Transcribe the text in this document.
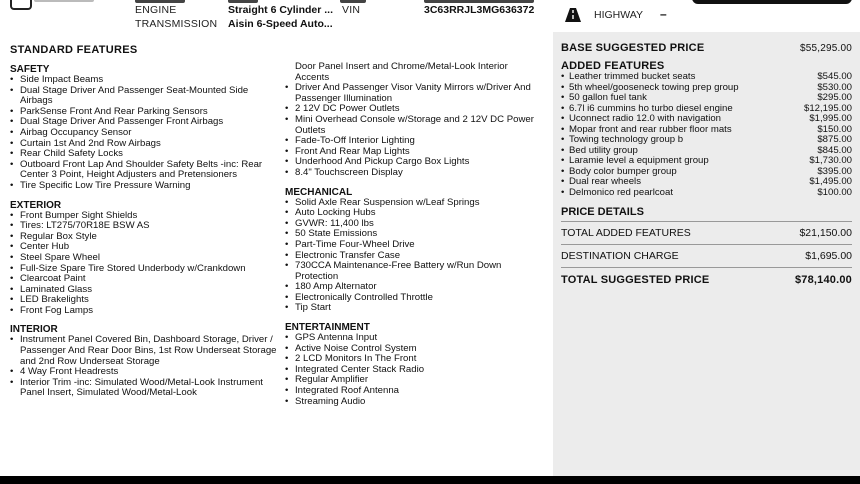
ENGINE	Straight 6 Cylinder ... VIN	3C63RRJL3MG636372
TRANSMISSION Aisin 6-Speed Auto...
HIGHWAY –
STANDARD FEATURES
SAFETY
• Side Impact Beams
• Dual Stage Driver And Passenger Seat-Mounted Side Airbags
• ParkSense Front And Rear Parking Sensors
• Dual Stage Driver And Passenger Front Airbags
• Airbag Occupancy Sensor
• Curtain 1st And 2nd Row Airbags
• Rear Child Safety Locks
• Outboard Front Lap And Shoulder Safety Belts -inc: Rear Center 3 Point, Height Adjusters and Pretensioners
• Tire Specific Low Tire Pressure Warning
EXTERIOR
• Front Bumper Sight Shields
• Tires: LT275/70R18E BSW AS
• Regular Box Style
• Center Hub
• Steel Spare Wheel
• Full-Size Spare Tire Stored Underbody w/Crankdown
• Clearcoat Paint
• Laminated Glass
• LED Brakelights
• Front Fog Lamps
INTERIOR
• Instrument Panel Covered Bin, Dashboard Storage, Driver / Passenger And Rear Door Bins, 1st Row Underseat Storage and 2nd Row Underseat Storage
• 4 Way Front Headrests
• Interior Trim -inc: Simulated Wood/Metal-Look Instrument Panel Insert, Simulated Wood/Metal-Look
Door Panel Insert and Chrome/Metal-Look Interior Accents
• Driver And Passenger Visor Vanity Mirrors w/Driver And Passenger Illumination
• 2 12V DC Power Outlets
• Mini Overhead Console w/Storage and 2 12V DC Power Outlets
• Fade-To-Off Interior Lighting
• Front And Rear Map Lights
• Underhood And Pickup Cargo Box Lights
• 8.4" Touchscreen Display
MECHANICAL
• Solid Axle Rear Suspension w/Leaf Springs
• Auto Locking Hubs
• GVWR: 11,400 lbs
• 50 State Emissions
• Part-Time Four-Wheel Drive
• Electronic Transfer Case
• 730CCA Maintenance-Free Battery w/Run Down Protection
• 180 Amp Alternator
• Electronically Controlled Throttle
• Tip Start
ENTERTAINMENT
• GPS Antenna Input
• Active Noise Control System
• 2 LCD Monitors In The Front
• Integrated Center Stack Radio
• Regular Amplifier
• Integrated Roof Antenna
• Streaming Audio
BASE SUGGESTED PRICE	$55,295.00
ADDED FEATURES
• Leather trimmed bucket seats	$545.00
• 5th wheel/gooseneck towing prep group	$530.00
• 50 gallon fuel tank	$295.00
• 6.7l i6 cummins ho turbo diesel engine	$12,195.00
• Uconnect radio 12.0 with navigation	$1,995.00
• Mopar front and rear rubber floor mats	$150.00
• Towing technology group b	$875.00
• Bed utility group	$845.00
• Laramie level a equipment group	$1,730.00
• Body color bumper group	$395.00
• Dual rear wheels	$1,495.00
• Delmonico red pearlcoat	$100.00
PRICE DETAILS
TOTAL ADDED FEATURES	$21,150.00
DESTINATION CHARGE	$1,695.00
TOTAL SUGGESTED PRICE	$78,140.00
